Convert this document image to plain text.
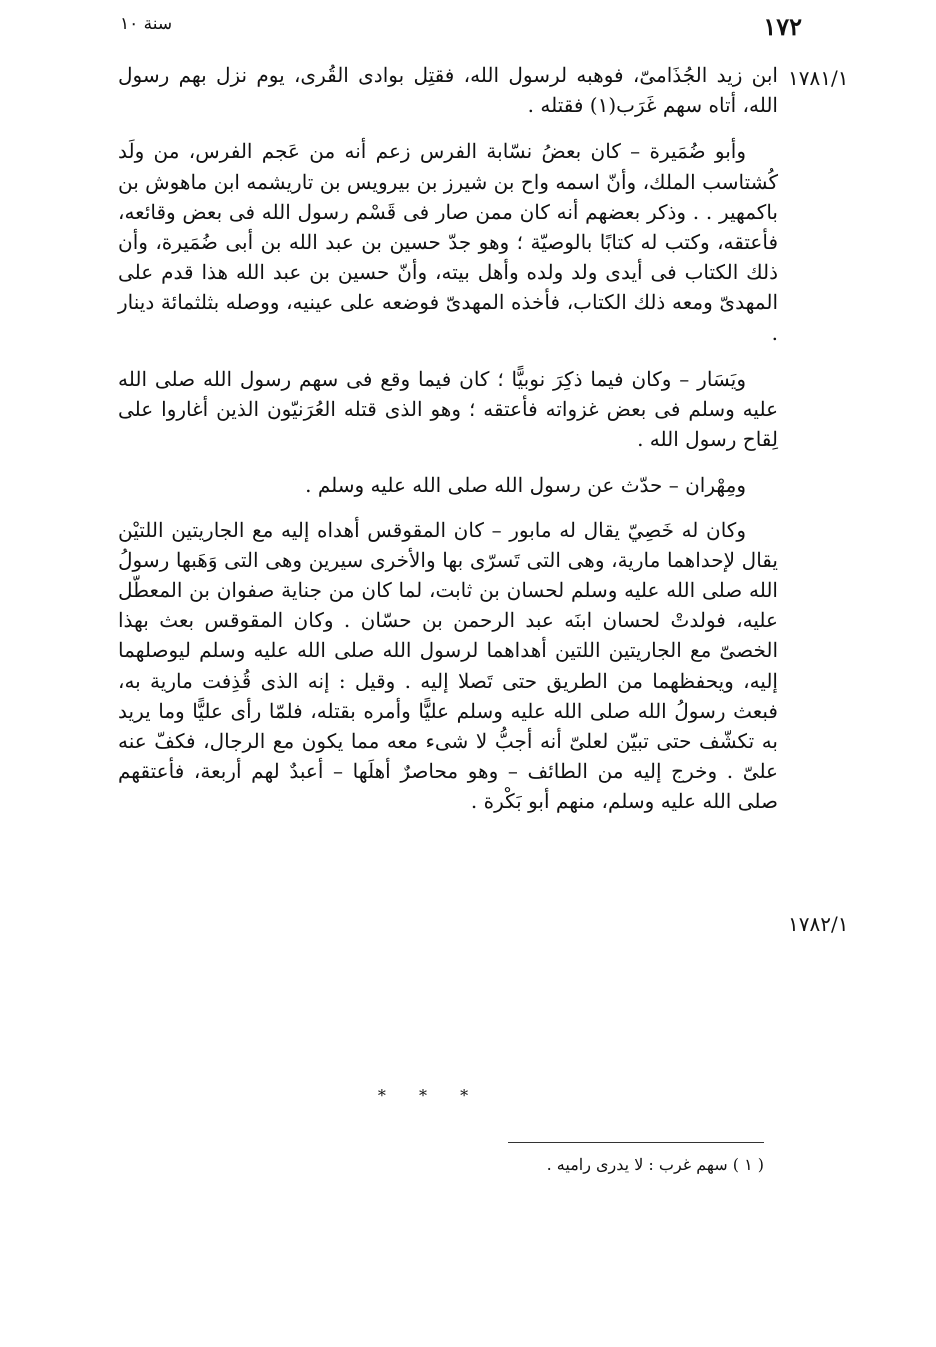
١٧٢
سنة ١٠
١٧٨١/١
١٧٨٢/١

ابن زيد الجُذَامىّ، فوهبه لرسول الله، فقتِل بوادى القُرى، يوم نزل بهم رسول الله، أتاه سهم غَرَب(١) فقتله .

وأبو ضُمَيرة – كان بعضُ نسّابة الفرس زعم أنه من عَجم الفرس، من ولَد كُشتاسب الملك، وأنّ اسمه واح بن شيرز بن بيرويس بن تاريشمه ابن ماهوش بن باكمهير . . وذكر بعضهم أنه كان ممن صار فى قَسْم رسول الله فى بعض وقائعه، فأعتقه، وكتب له كتابًا بالوصيّة ؛ وهو جدّ حسين بن عبد الله بن أبى ضُمَيرة، وأن ذلك الكتاب فى أيدى ولد ولده وأهل بيته، وأنّ حسين بن عبد الله هذا قدم على المهدىّ ومعه ذلك الكتاب، فأخذه المهدىّ فوضعه على عينيه، ووصله بثلثمائة دينار .

ويَسَار – وكان فيما ذكِرَ نوبيًّا ؛ كان فيما وقع فى سهم رسول الله صلى الله عليه وسلم فى بعض غزواته فأعتقه ؛ وهو الذى قتله العُرَنيّون الذين أغاروا على لِقاح رسول الله .

ومِهْران – حدّث عن رسول الله صلى الله عليه وسلم .

وكان له خَصِيّ يقال له مابور – كان المقوقس أهداه إليه مع الجاريتين اللتيْن يقال لإحداهما مارية، وهى التى تَسرّى بها والأخرى سيرين وهى التى وَهَبها رسولُ الله صلى الله عليه وسلم لحسان بن ثابت، لما كان من جناية صفوان بن المعطّل عليه، فولدتْ لحسان ابنَه عبد الرحمن بن حسّان . وكان المقوقس بعث بهذا الخصىّ مع الجاريتين اللتين أهداهما لرسول الله صلى الله عليه وسلم ليوصلهما إليه، ويحفظهما من الطريق حتى تَصلا إليه . وقيل : إنه الذى قُذِفت مارية به، فبعث رسولُ الله صلى الله عليه وسلم عليًّا وأمره بقتله، فلمّا رأى عليًّا وما يريد به تكشّف حتى تبيّن لعلىّ أنه أجبُّ لا شىء معه مما يكون مع الرجال، فكفّ عنه علىّ . وخرج إليه من الطائف – وهو محاصرٌ أهلَها – أعبدٌ لهم أربعة، فأعتقهم صلى الله عليه وسلم، منهم أبو بَكْرة .

* * *
( ١ ) سهم غرب : لا يدرى راميه .
